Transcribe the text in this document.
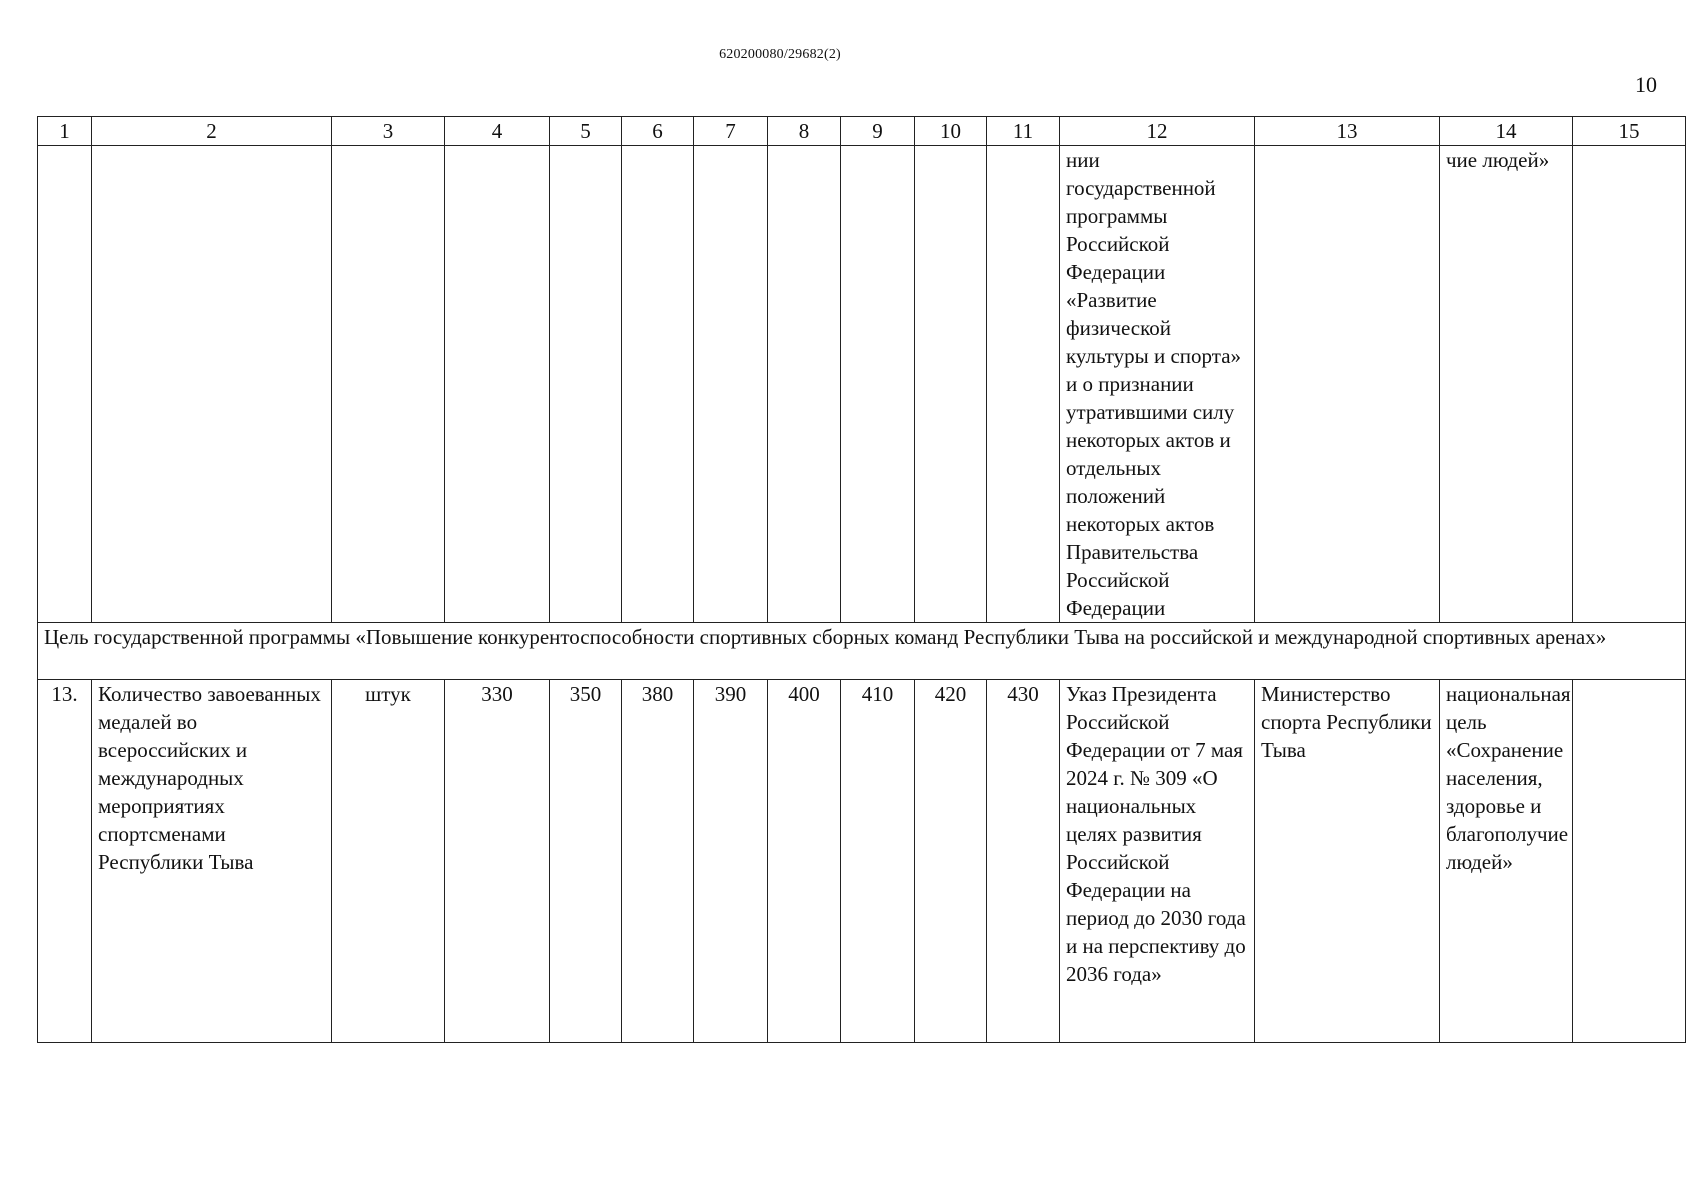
620200080/29682(2)
10
1	2	3	4	5	6	7	8	9	10	11	12	13	14	15
											нии государственной программы Российской Федерации «Развитие физической культуры и спорта» и о признании утратившими силу некоторых актов и отдельных положений некоторых актов Правительства Российской Федерации		чие людей»	
Цель государственной программы «Повышение конкурентоспособности спортивных сборных команд Республики Тыва на российской и международной спортивных аренах»														
13.	Количество завоеванных медалей во всероссийских и международных мероприятиях спортсменами Республики Тыва	штук	330	350	380	390	400	410	420	430	Указ Президента Российской Федерации от 7 мая 2024 г. № 309 «О национальных целях развития Российской Федерации на период до 2030 года и на перспективу до 2036 года»	Министерство спорта Республики Тыва	национальная цель «Сохранение населения, здоровье и благополучие людей»	
